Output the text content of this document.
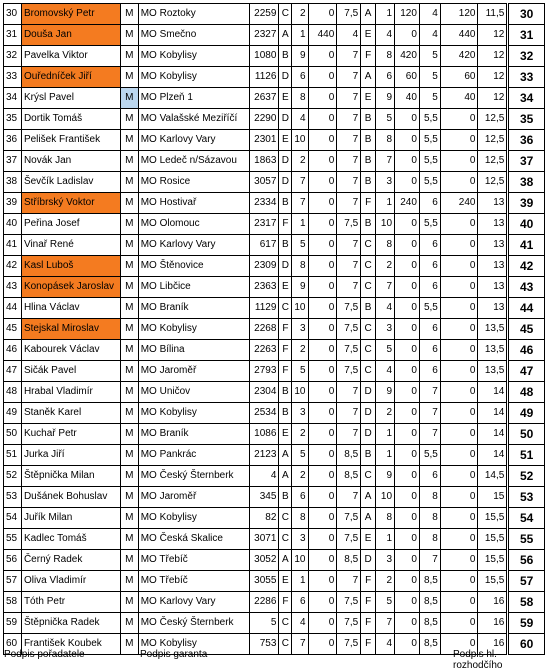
30	Bromovský Petr	M	MO Roztoky	2259	C	2	0	7,5	A	1	120	4	120	11,5	30
31	Douša Jan	M	MO Smečno	2327	A	1	440	4	E	4	0	4	440	12	31
32	Pavelka Viktor	M	MO Kobylisy	1080	B	9	0	7	F	8	420	5	420	12	32
33	Ouředníček Jiří	M	MO Kobylisy	1126	D	6	0	7	A	6	60	5	60	12	33
34	Krýsl Pavel	M	MO Plzeň 1	2637	E	8	0	7	E	9	40	5	40	12	34
35	Dortik Tomáš	M	MO Valašské Meziříčí	2290	D	4	0	7	B	5	0	5,5	0	12,5	35
36	Pelišek František	M	MO Karlovy Vary	2301	E	10	0	7	B	8	0	5,5	0	12,5	36
37	Novák Jan	M	MO Ledeč n/Sázavou	1863	D	2	0	7	B	7	0	5,5	0	12,5	37
38	Ševčík Ladislav	M	MO Rosice	3057	D	7	0	7	B	3	0	5,5	0	12,5	38
39	Stříbrský Voktor	M	MO Hostivař	2334	B	7	0	7	F	1	240	6	240	13	39
40	Peřina Josef	M	MO Olomouc	2317	F	1	0	7,5	B	10	0	5,5	0	13	40
41	Vinař René	M	MO Karlovy Vary	617	B	5	0	7	C	8	0	6	0	13	41
42	Kasl Luboš	M	MO Štěnovice	2309	D	8	0	7	C	2	0	6	0	13	42
43	Konopásek Jaroslav	M	MO Libčice	2363	E	9	0	7	C	7	0	6	0	13	43
44	Hlina Václav	M	MO Braník	1129	C	10	0	7,5	B	4	0	5,5	0	13	44
45	Stejskal Miroslav	M	MO Kobylisy	2268	F	3	0	7,5	C	3	0	6	0	13,5	45
46	Kabourek Václav	M	MO Bílina	2263	F	2	0	7,5	C	5	0	6	0	13,5	46
47	Sičák Pavel	M	MO Jaroměř	2793	F	5	0	7,5	C	4	0	6	0	13,5	47
48	Hrabal Vladimír	M	MO Uničov	2304	B	10	0	7	D	9	0	7	0	14	48
49	Staněk Karel	M	MO Kobylisy	2534	B	3	0	7	D	2	0	7	0	14	49
50	Kuchař Petr	M	MO Braník	1086	E	2	0	7	D	1	0	7	0	14	50
51	Jurka Jiří	M	MO Pankrác	2123	A	5	0	8,5	B	1	0	5,5	0	14	51
52	Štěpnička Milan	M	MO Český Šternberk	4	A	2	0	8,5	C	9	0	6	0	14,5	52
53	Dušánek Bohuslav	M	MO Jaroměř	345	B	6	0	7	A	10	0	8	0	15	53
54	Juřík Milan	M	MO Kobylisy	82	C	8	0	7,5	A	8	0	8	0	15,5	54
55	Kadlec Tomáš	M	MO Česká Skalice	3071	C	3	0	7,5	E	1	0	8	0	15,5	55
56	Černý Radek	M	MO Třebíč	3052	A	10	0	8,5	D	3	0	7	0	15,5	56
57	Oliva Vladimír	M	MO Třebíč	3055	E	1	0	7	F	2	0	8,5	0	15,5	57
58	Tóth Petr	M	MO Karlovy Vary	2286	F	6	0	7,5	F	5	0	8,5	0	16	58
59	Štěpnička Radek	M	MO Český Šternberk	5	C	4	0	7,5	F	7	0	8,5	0	16	59
60	František Koubek	M	MO Kobylisy	753	C	7	0	7,5	F	4	0	8,5	0	16	60
Podpis pořadatele	Podpis garanta	Podpis hl. rozhodčího
